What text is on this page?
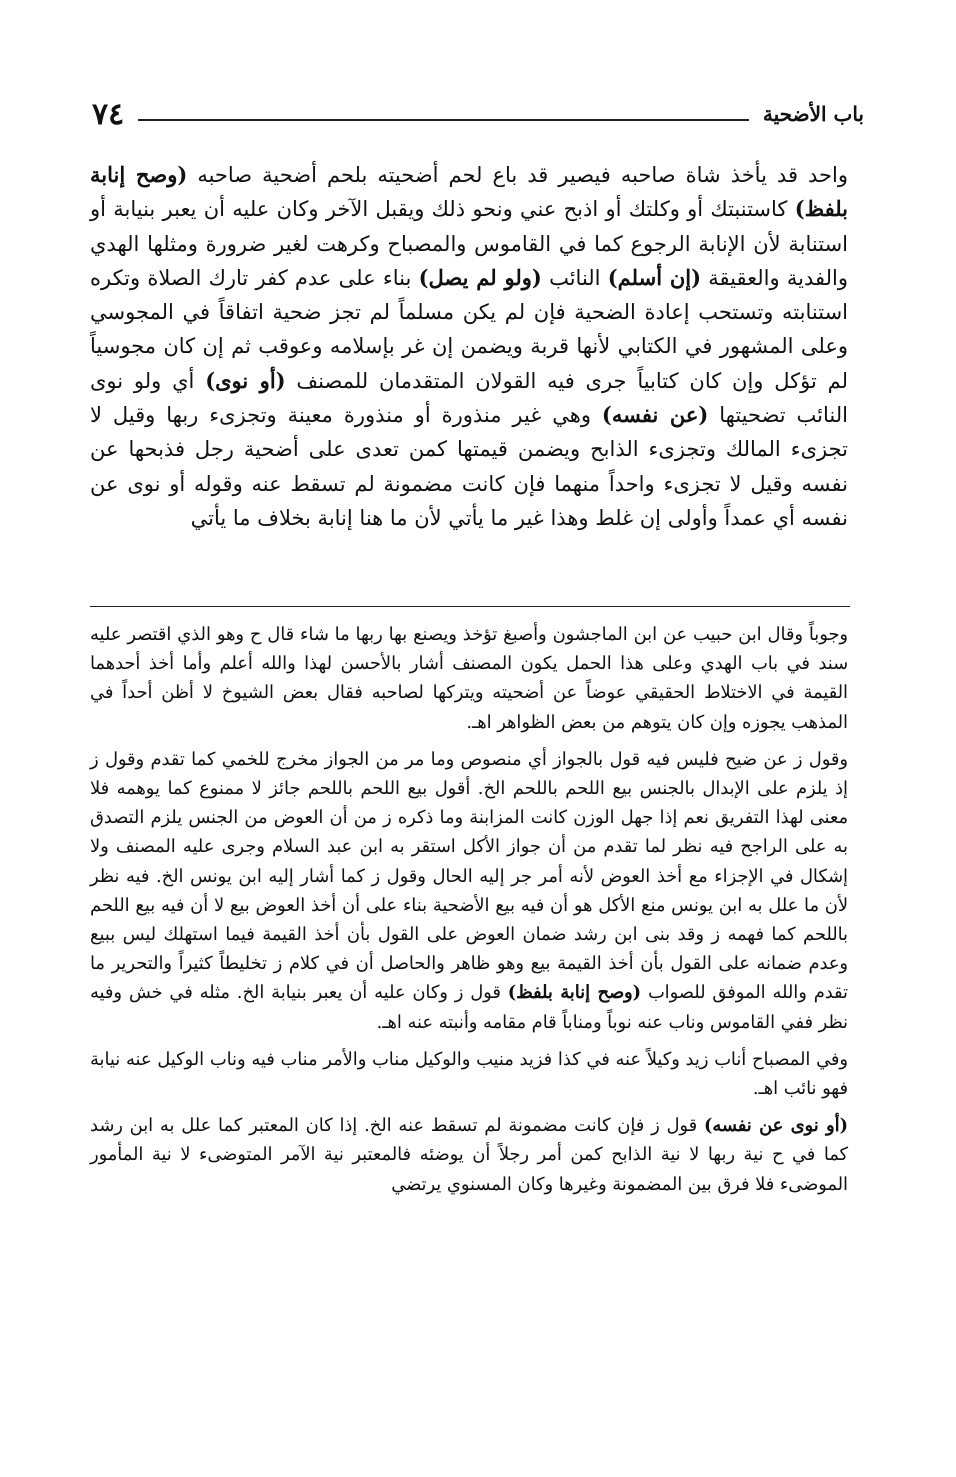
باب الأضحية
٧٤

واحد قد يأخذ شاة صاحبه فيصير قد باع لحم أضحيته بلحم أضحية صاحبه (وصح إنابة بلفظ) كاستنبتك أو وكلتك أو اذبح عني ونحو ذلك ويقبل الآخر وكان عليه أن يعبر بنيابة أو استنابة لأن الإنابة الرجوع كما في القاموس والمصباح وكرهت لغير ضرورة ومثلها الهدي والفدية والعقيقة (إن أسلم) النائب (ولو لم يصل) بناء على عدم كفر تارك الصلاة وتكره استنابته وتستحب إعادة الضحية فإن لم يكن مسلماً لم تجز ضحية اتفاقاً في المجوسي وعلى المشهور في الكتابي لأنها قربة ويضمن إن غر بإسلامه وعوقب ثم إن كان مجوسياً لم تؤكل وإن كان كتابياً جرى فيه القولان المتقدمان للمصنف (أو نوى) أي ولو نوى النائب تضحيتها (عن نفسه) وهي غير منذورة أو منذورة معينة وتجزىء ربها وقيل لا تجزىء المالك وتجزىء الذابح ويضمن قيمتها كمن تعدى على أضحية رجل فذبحها عن نفسه وقيل لا تجزىء واحداً منهما فإن كانت مضمونة لم تسقط عنه وقوله أو نوى عن نفسه أي عمداً وأولى إن غلط وهذا غير ما يأتي لأن ما هنا إنابة بخلاف ما يأتي

وجوباً وقال ابن حبيب عن ابن الماجشون وأصبغ تؤخذ ويصنع بها ربها ما شاء قال ح وهو الذي اقتصر عليه سند في باب الهدي وعلى هذا الحمل يكون المصنف أشار بالأحسن لهذا والله أعلم وأما أخذ أحدهما القيمة في الاختلاط الحقيقي عوضاً عن أضحيته ويتركها لصاحبه فقال بعض الشيوخ لا أظن أحداً في المذهب يجوزه وإن كان يتوهم من بعض الظواهر اهـ.

وقول ز عن ضيح فليس فيه قول بالجواز أي منصوص وما مر من الجواز مخرج للخمي كما تقدم وقول ز إذ يلزم على الإبدال بالجنس بيع اللحم باللحم الخ. أقول بيع اللحم باللحم جائز لا ممنوع كما يوهمه فلا معنى لهذا التفريق نعم إذا جهل الوزن كانت المزابنة وما ذكره ز من أن العوض من الجنس يلزم التصدق به على الراجح فيه نظر لما تقدم من أن جواز الأكل استقر به ابن عبد السلام وجرى عليه المصنف ولا إشكال في الإجزاء مع أخذ العوض لأنه أمر جر إليه الحال وقول ز كما أشار إليه ابن يونس الخ. فيه نظر لأن ما علل به ابن يونس منع الأكل هو أن فيه بيع الأضحية بناء على أن أخذ العوض بيع لا أن فيه بيع اللحم باللحم كما فهمه ز وقد بنى ابن رشد ضمان العوض على القول بأن أخذ القيمة فيما استهلك ليس ببيع وعدم ضمانه على القول بأن أخذ القيمة بيع وهو ظاهر والحاصل أن في كلام ز تخليطاً كثيراً والتحرير ما تقدم والله الموفق للصواب (وصح إنابة بلفظ) قول ز وكان عليه أن يعبر بنيابة الخ. مثله في خش وفيه نظر ففي القاموس وناب عنه نوباً ومناباً قام مقامه وأنبته عنه اهـ.

وفي المصباح أناب زيد وكيلاً عنه في كذا فزيد منيب والوكيل مناب والأمر مناب فيه وناب الوكيل عنه نيابة فهو نائب اهـ.

(أو نوى عن نفسه) قول ز فإن كانت مضمونة لم تسقط عنه الخ. إذا كان المعتبر كما علل به ابن رشد كما في ح نية ربها لا نية الذابح كمن أمر رجلاً أن يوضئه فالمعتبر نية الآمر المتوضىء لا نية المأمور الموضىء فلا فرق بين المضمونة وغيرها وكان المسنوي يرتضي
